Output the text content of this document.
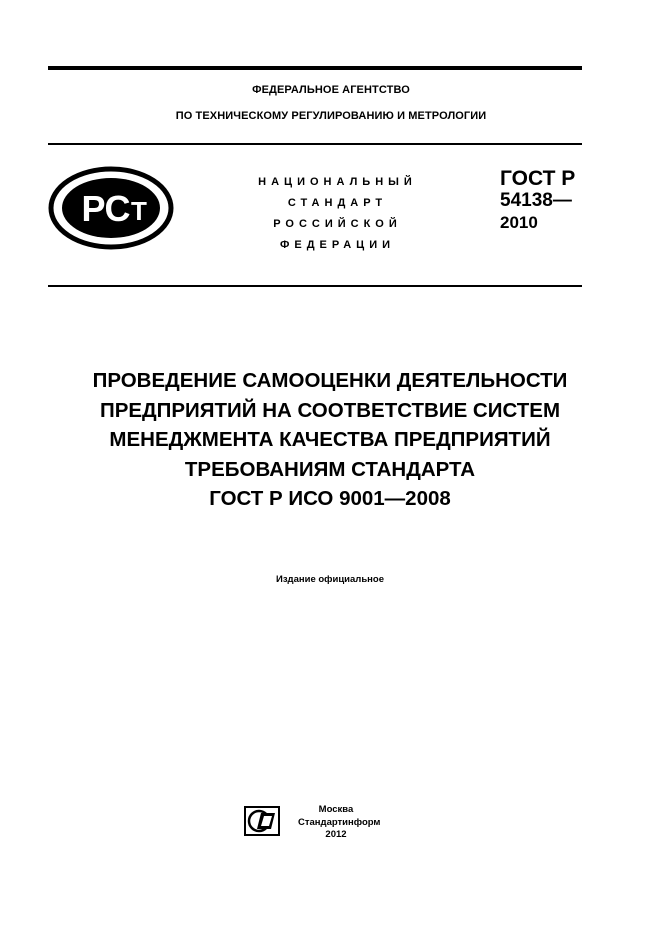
ФЕДЕРАЛЬНОЕ АГЕНТСТВО
ПО ТЕХНИЧЕСКОМУ РЕГУЛИРОВАНИЮ И МЕТРОЛОГИИ
РС Т
НАЦИОНАЛЬНЫЙ
СТАНДАРТ
РОССИЙСКОЙ
ФЕДЕРАЦИИ
ГОСТ Р
54138—
2010
ПРОВЕДЕНИЕ САМООЦЕНКИ ДЕЯТЕЛЬНОСТИ
ПРЕДПРИЯТИЙ НА СООТВЕТСТВИЕ СИСТЕМ
МЕНЕДЖМЕНТА КАЧЕСТВА ПРЕДПРИЯТИЙ
ТРЕБОВАНИЯМ СТАНДАРТА
ГОСТ Р ИСО 9001—2008
Издание официальное
Москва
Стандартинформ
2012
